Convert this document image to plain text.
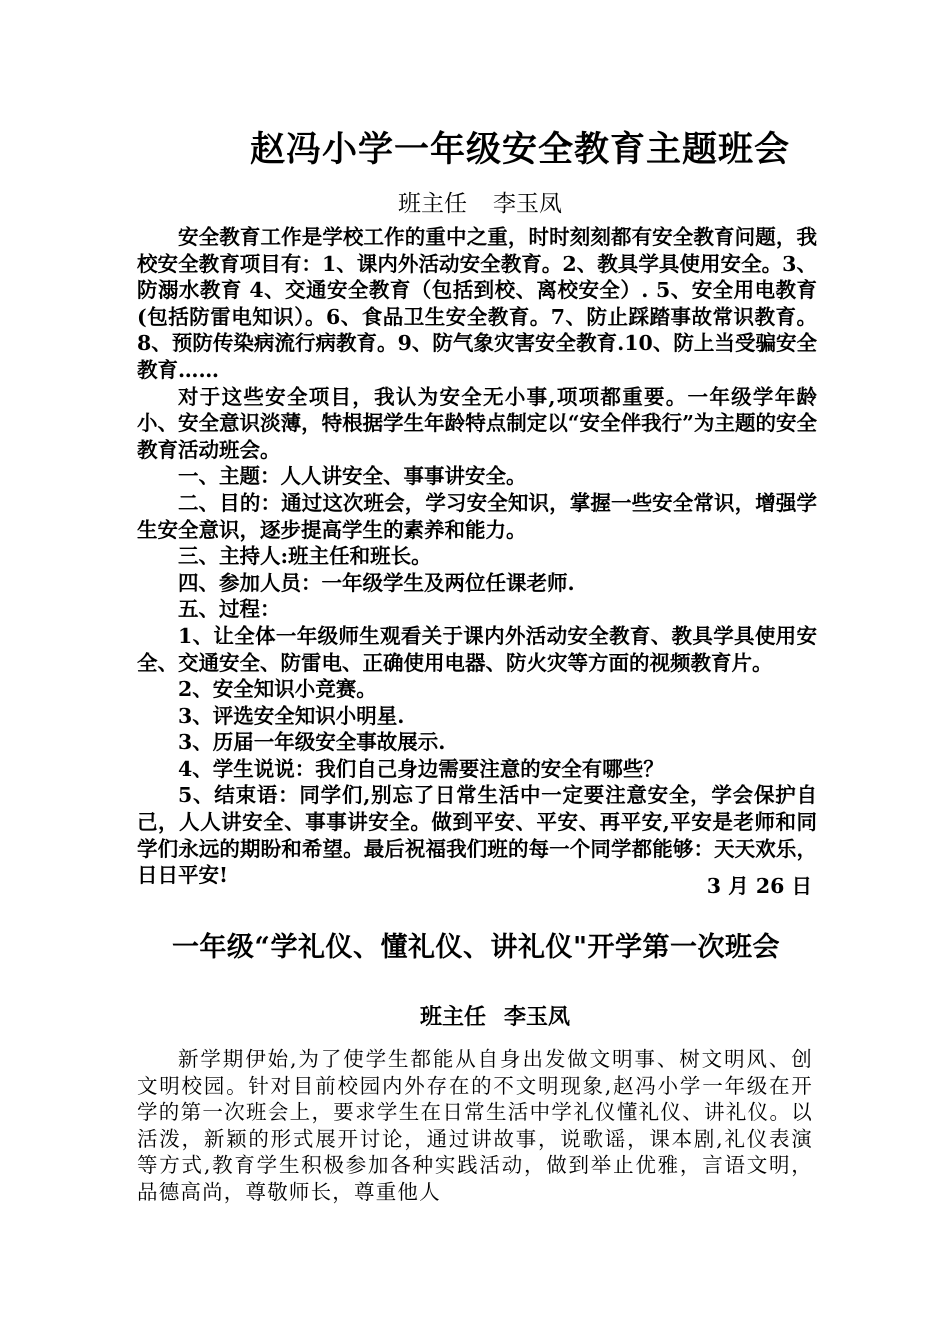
赵冯小学一年级安全教育主题班会
班主任 李玉凤

安全教育工作是学校工作的重中之重，时时刻刻都有安全教育问题，我校安全教育项目有：1、课内外活动安全教育。2、教具学具使用安全。3、防溺水教育 4、交通安全教育（包括到校、离校安全）. 5、安全用电教育(包括防雷电知识）。6、食品卫生安全教育。7、防止踩踏事故常识教育。8、预防传染病流行病教育。9、防气象灾害安全教育.10、防上当受骗安全教育……

对于这些安全项目，我认为安全无小事,项项都重要。一年级学年龄小、安全意识淡薄，特根据学生年龄特点制定以“安全伴我行”为主题的安全教育活动班会。

一、主题：人人讲安全、事事讲安全。

二、目的：通过这次班会，学习安全知识，掌握一些安全常识，增强学生安全意识，逐步提高学生的素养和能力。

三、主持人:班主任和班长。

四、参加人员：一年级学生及两位任课老师.

五、过程：

1、让全体一年级师生观看关于课内外活动安全教育、教具学具使用安全、交通安全、防雷电、正确使用电器、防火灾等方面的视频教育片。

2、安全知识小竞赛。

3、评选安全知识小明星.

3、历届一年级安全事故展示.

4、学生说说：我们自己身边需要注意的安全有哪些？

5、结束语：同学们,别忘了日常生活中一定要注意安全，学会保护自己，人人讲安全、事事讲安全。做到平安、平安、再平安,平安是老师和同学们永远的期盼和希望。最后祝福我们班的每一个同学都能够：天天欢乐，日日平安!	3 月 26 日
一年级“学礼仪、懂礼仪、讲礼仪"开学第一次班会
班主任 李玉凤

新学期伊始,为了使学生都能从自身出发做文明事、树文明风、创文明校园。针对目前校园内外存在的不文明现象,赵冯小学一年级在开学的第一次班会上，要求学生在日常生活中学礼仪懂礼仪、讲礼仪。以活泼，新颖的形式展开讨论，通过讲故事，说歌谣，课本剧,礼仪表演等方式,教育学生积极参加各种实践活动，做到举止优雅，言语文明，品德高尚，尊敬师长，尊重他人
